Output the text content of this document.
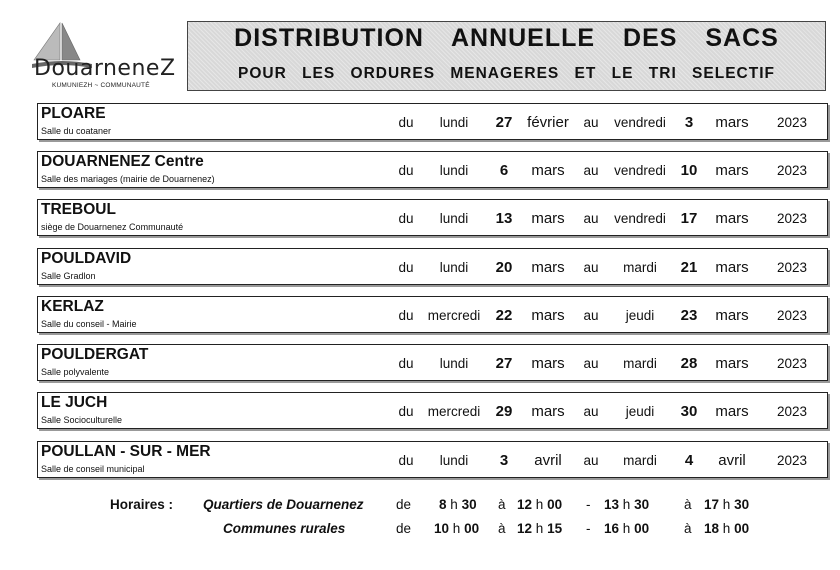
DouarneneZ
KUMUNIEZH ~ COMMUNAUTÉ
DISTRIBUTION ANNUELLE DES SACS
POUR LES ORDURES MENAGERES ET LE TRI SELECTIF
PLOARE
Salle du coataner
du	lundi	27 février	au	vendredi	3	mars	2023
DOUARNENEZ Centre
Salle des mariages (mairie de Douarnenez)
du	lundi	6	mars	au	vendredi 10	mars	2023
TREBOUL
siège de Douarnenez Communauté
du	lundi	13	mars	au	vendredi 17	mars	2023
POULDAVID
Salle Gradlon
du	lundi	20	mars	au	mardi	21	mars	2023
KERLAZ
Salle du conseil - Mairie
du	mercredi	22	mars	au	jeudi	23	mars	2023
POULDERGAT
Salle polyvalente
du	lundi	27	mars	au	mardi	28	mars	2023
LE JUCH
Salle Socioculturelle
du	mercredi	29	mars	au	jeudi	30	mars	2023
POULLAN - SUR - MER
Salle de conseil municipal
du	lundi	3	avril	au	mardi	4	avril	2023
Horaires : Quartiers de Douarnenez de 8 h 30 à 12 h 00 - 13 h 30	à 17 h 30
Communes rurales	de 10 h 00 à 12 h 15 - 16 h 00	à 18 h 00
